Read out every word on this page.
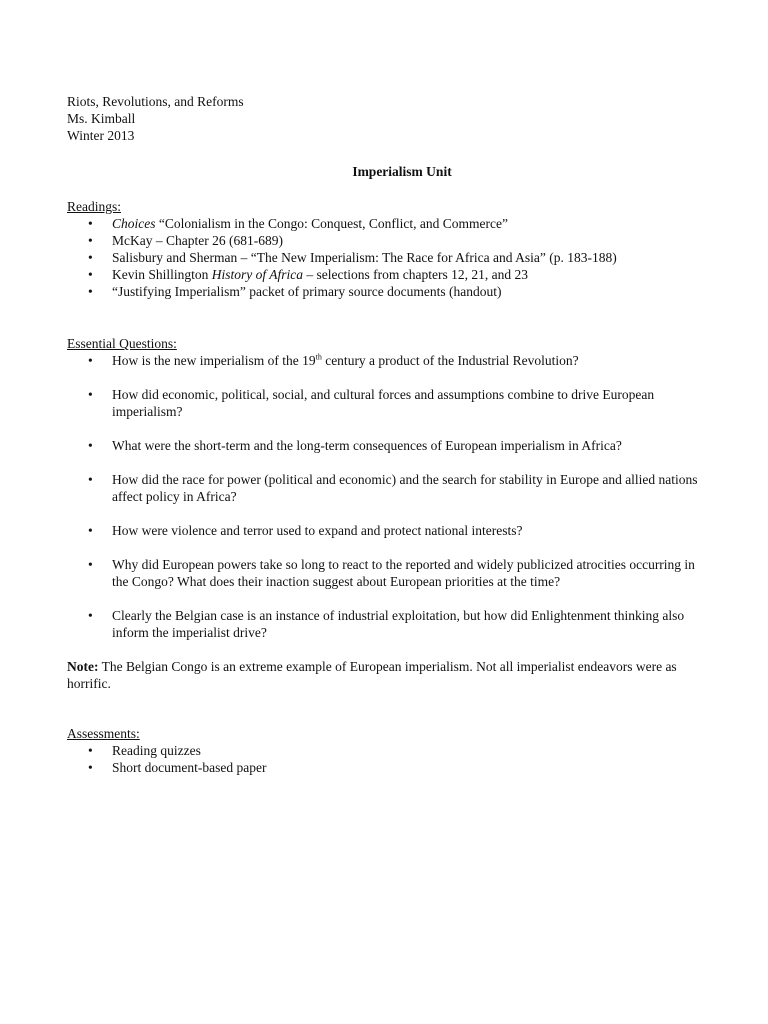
Riots, Revolutions, and Reforms

Ms. Kimball

Winter 2013

Imperialism Unit

Readings:

• Choices “Colonialism in the Congo: Conquest, Conflict, and Commerce”
• McKay – Chapter 26 (681-689)
• Salisbury and Sherman – “The New Imperialism: The Race for Africa and Asia” (p. 183-188)
• Kevin Shillington History of Africa – selections from chapters 12, 21, and 23
• “Justifying Imperialism” packet of primary source documents (handout)

Essential Questions:

• How is the new imperialism of the 19th century a product of the Industrial Revolution?
• How did economic, political, social, and cultural forces and assumptions combine to drive European imperialism?
• What were the short-term and the long-term consequences of European imperialism in Africa?
• How did the race for power (political and economic) and the search for stability in Europe and allied nations affect policy in Africa?
• How were violence and terror used to expand and protect national interests?
• Why did European powers take so long to react to the reported and widely publicized atrocities occurring in the Congo? What does their inaction suggest about European priorities at the time?
• Clearly the Belgian case is an instance of industrial exploitation, but how did Enlightenment thinking also inform the imperialist drive?

Note: The Belgian Congo is an extreme example of European imperialism. Not all imperialist endeavors were as horrific.

Assessments:

• Reading quizzes
• Short document-based paper
